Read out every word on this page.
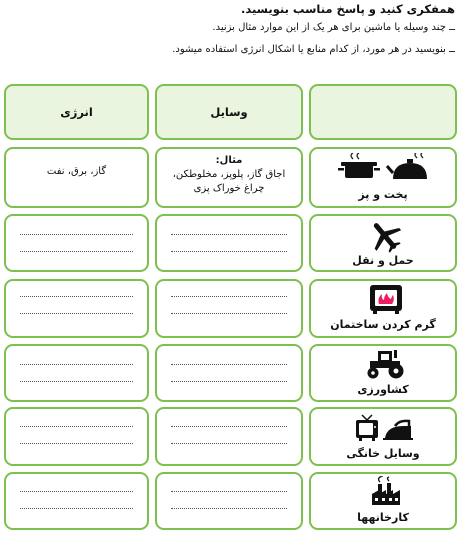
همفکری کنید و پاسخ مناسب بنویسید.
ــ چند وسیله یا ماشین برای هر یک از این موارد مثال بزنید.
ــ بنویسید در هر مورد، از کدام منابع یا اشکال انرژی استفاده میشود.
انرژی	وسایل
گاز، برق، نفت
مثال:
اجاق گاز، پلوپز، مخلوطکن،
چراغ خوراک پزی	پخت و پز
حمل و نقل
گرم کردن ساختمان
کشاورزی
وسایل خانگی
کارخانهها
